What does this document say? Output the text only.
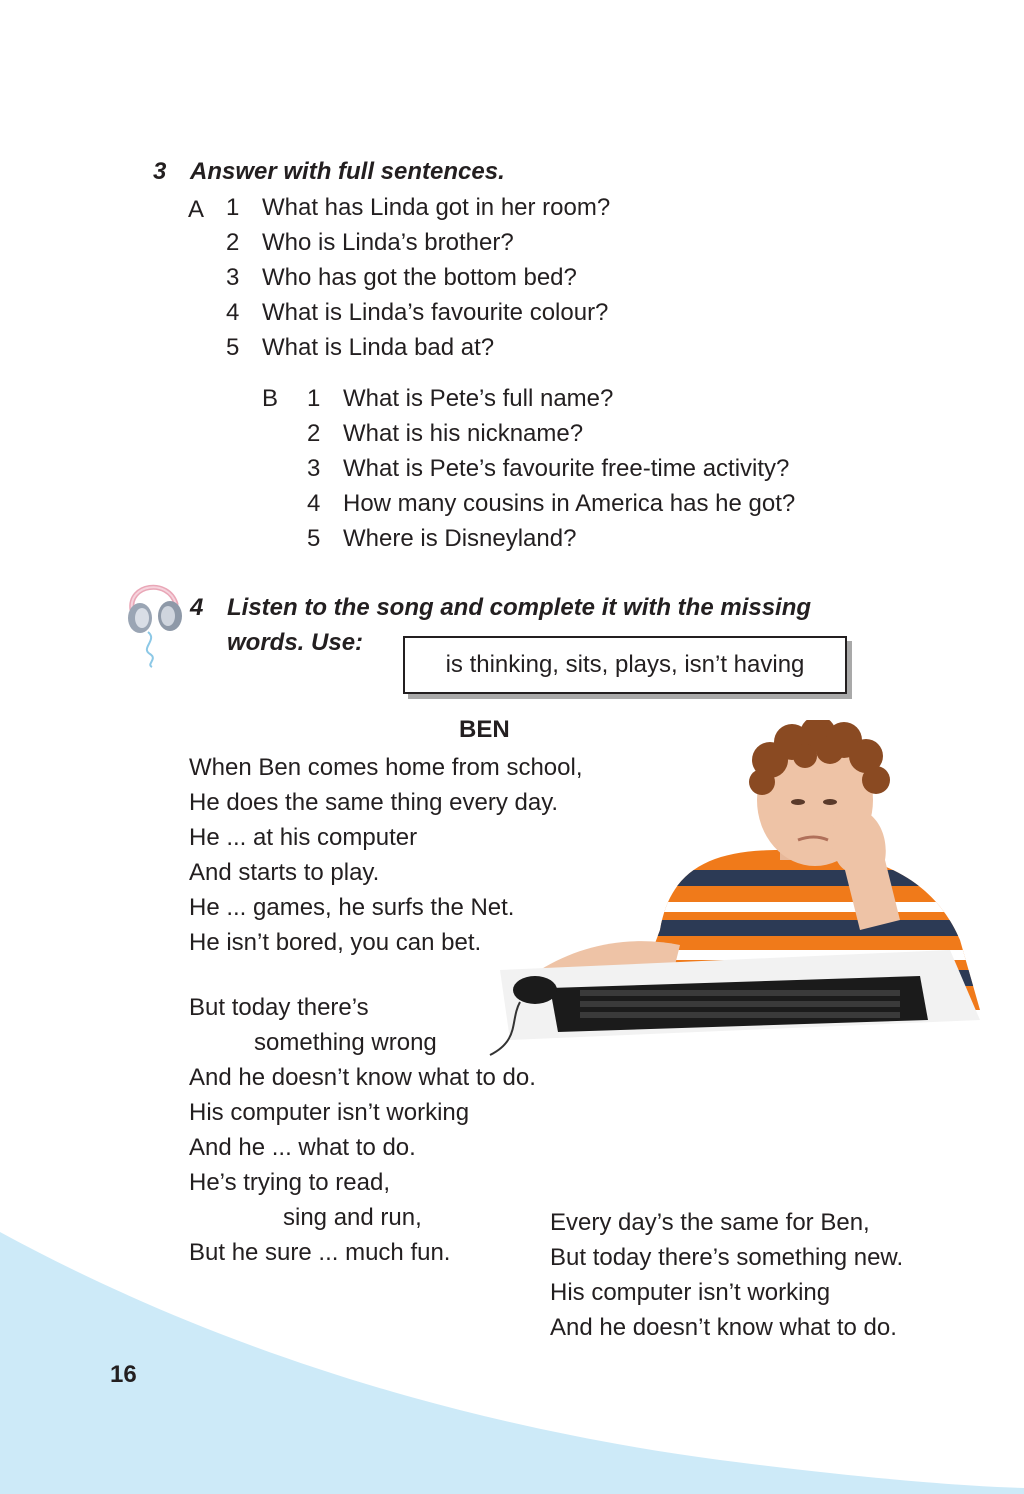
3 Answer with full sentences.
A 1 What has Linda got in her room?
2 Who is Linda’s brother?
3 Who has got the bottom bed?
4 What is Linda’s favourite colour?
5 What is Linda bad at?
B 1 What is Pete’s full name?
2 What is his nickname?
3 What is Pete’s favourite free-time activity?
4 How many cousins in America has he got?
5 Where is Disneyland?
4 Listen to the song and complete it with the missing
words. Use:
is thinking, sits, plays, isn’t having
BEN
When Ben comes home from school,
He does the same thing every day.
He ... at his computer
And starts to play.
He ... games, he surfs the Net.
He isn’t bored, you can bet.
But today there’s
something wrong
And he doesn’t know what to do.
His computer isn’t working
And he ... what to do.
He’s trying to read,
sing and run,
But he sure ... much fun.
Every day’s the same for Ben,
But today there’s something new.
His computer isn’t working
And he doesn’t know what to do.
16
